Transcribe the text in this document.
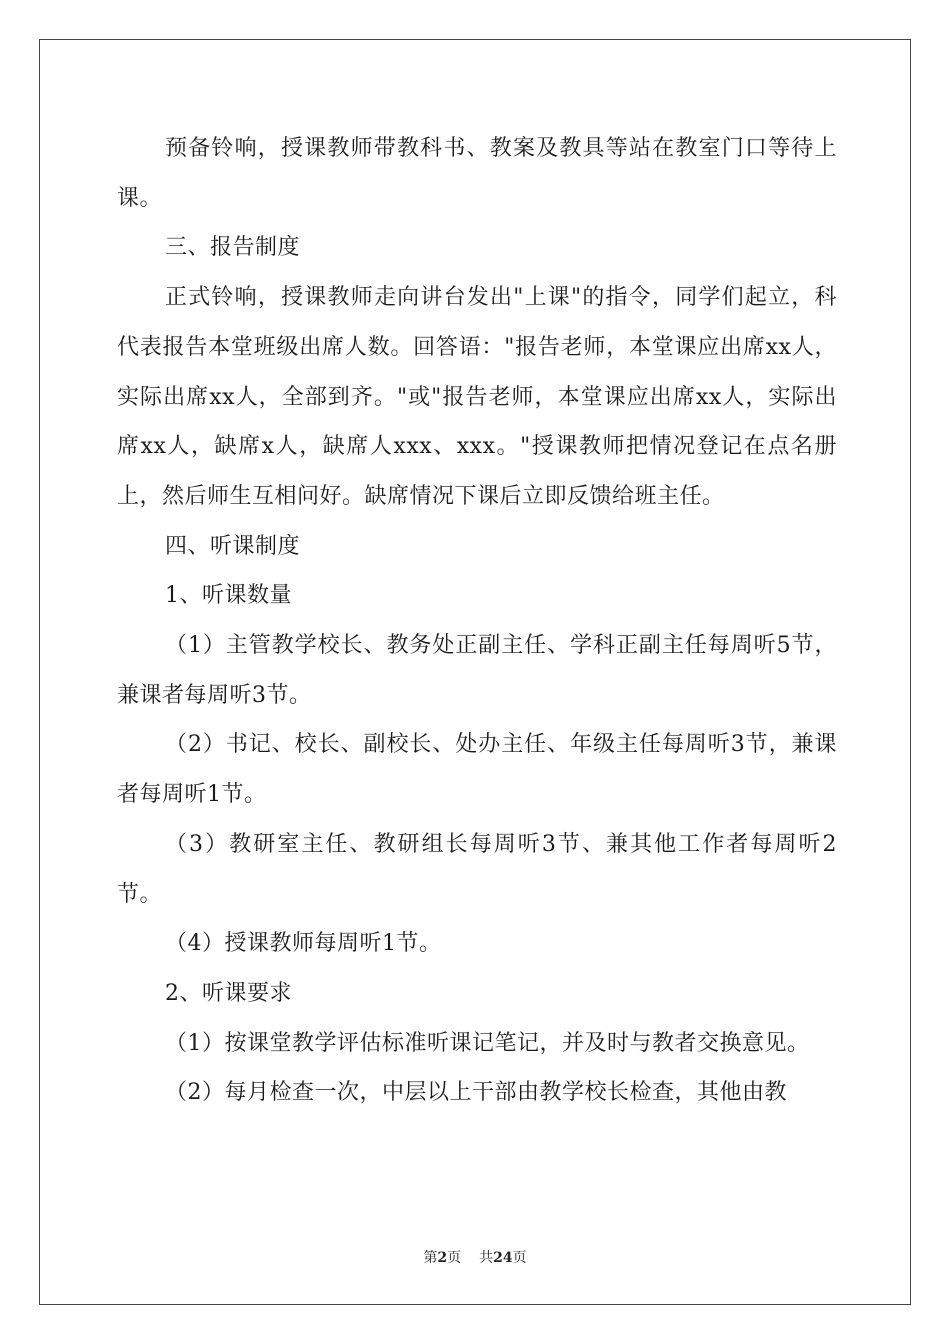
预备铃响，授课教师带教科书、教案及教具等站在教室门口等待上课。

三、报告制度

正式铃响，授课教师走向讲台发出"上课"的指令，同学们起立，科代表报告本堂班级出席人数。回答语："报告老师，本堂课应出席xx人，实际出席xx人，全部到齐。"或"报告老师，本堂课应出席xx人，实际出席xx人，缺席x人，缺席人xxx、xxx。"授课教师把情况登记在点名册上，然后师生互相问好。缺席情况下课后立即反馈给班主任。

四、听课制度

1、听课数量

（1）主管教学校长、教务处正副主任、学科正副主任每周听5节，兼课者每周听3节。

（2）书记、校长、副校长、处办主任、年级主任每周听3节，兼课者每周听1节。

（3）教研室主任、教研组长每周听3节、兼其他工作者每周听2节。

（4）授课教师每周听1节。

2、听课要求

（1）按课堂教学评估标准听课记笔记，并及时与教者交换意见。

（2）每月检查一次，中层以上干部由教学校长检查，其他由教

第2页 共24页
